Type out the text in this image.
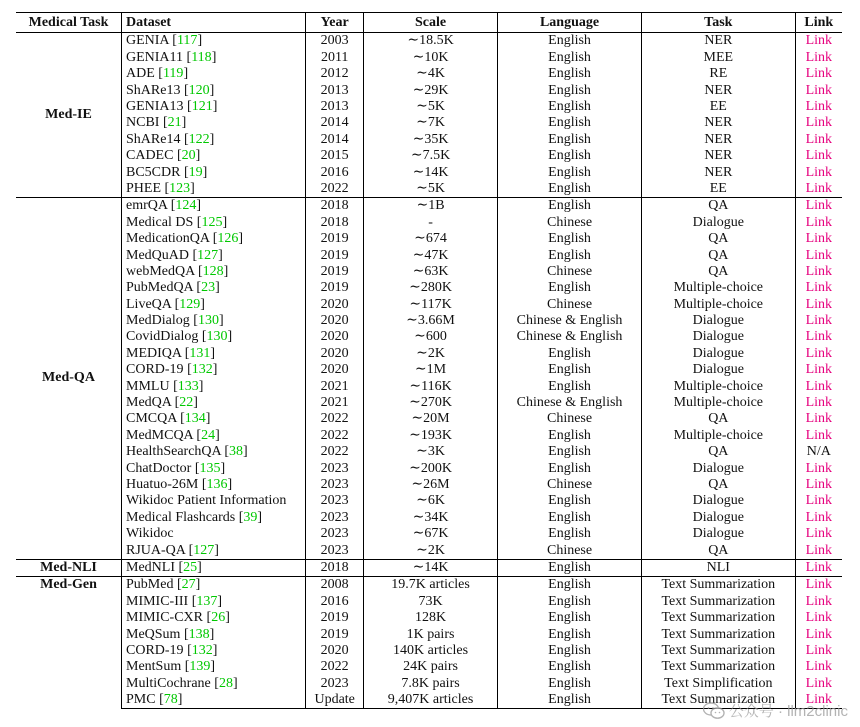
Medical Task	Dataset	Year	Scale	Language	Task	Link
Med-IE	GENIA [117]	2003	∼18.5K	English	NER	Link
	GENIA11 [118]	2011	∼10K	English	MEE	Link
	ADE [119]	2012	∼4K	English	RE	Link
	ShARe13 [120]	2013	∼29K	English	NER	Link
	GENIA13 [121]	2013	∼5K	English	EE	Link
	NCBI [21]	2014	∼7K	English	NER	Link
	ShARe14 [122]	2014	∼35K	English	NER	Link
	CADEC [20]	2015	∼7.5K	English	NER	Link
	BC5CDR [19]	2016	∼14K	English	NER	Link
	PHEE [123]	2022	∼5K	English	EE	Link
Med-QA	emrQA [124]	2018	∼1B	English	QA	Link
	Medical DS [125]	2018	-	Chinese	Dialogue	Link
	MedicationQA [126]	2019	∼674	English	QA	Link
	MedQuAD [127]	2019	∼47K	English	QA	Link
	webMedQA [128]	2019	∼63K	Chinese	QA	Link
	PubMedQA [23]	2019	∼280K	English	Multiple-choice	Link
	LiveQA [129]	2020	∼117K	Chinese	Multiple-choice	Link
	MedDialog [130]	2020	∼3.66M	Chinese & English	Dialogue	Link
	CovidDialog [130]	2020	∼600	Chinese & English	Dialogue	Link
	MEDIQA [131]	2020	∼2K	English	Dialogue	Link
	CORD-19 [132]	2020	∼1M	English	Dialogue	Link
	MMLU [133]	2021	∼116K	English	Multiple-choice	Link
	MedQA [22]	2021	∼270K	Chinese & English	Multiple-choice	Link
	CMCQA [134]	2022	∼20M	Chinese	QA	Link
	MedMCQA [24]	2022	∼193K	English	Multiple-choice	Link
	HealthSearchQA [38]	2022	∼3K	English	QA	N/A
	ChatDoctor [135]	2023	∼200K	English	Dialogue	Link
	Huatuo-26M [136]	2023	∼26M	Chinese	QA	Link
	Wikidoc Patient Information	2023	∼6K	English	Dialogue	Link
	Medical Flashcards [39]	2023	∼34K	English	Dialogue	Link
	Wikidoc	2023	∼67K	English	Dialogue	Link
	RJUA-QA [127]	2023	∼2K	Chinese	QA	Link
Med-NLI	MedNLI [25]	2018	∼14K	English	NLI	Link
Med-Gen	PubMed [27]	2008	19.7K articles	English	Text Summarization	Link
	MIMIC-III [137]	2016	73K	English	Text Summarization	Link
	MIMIC-CXR [26]	2019	128K	English	Text Summarization	Link
	MeQSum [138]	2019	1K pairs	English	Text Summarization	Link
	CORD-19 [132]	2020	140K articles	English	Text Summarization	Link
	MentSum [139]	2022	24K pairs	English	Text Summarization	Link
	MultiCochrane [28]	2023	7.8K pairs	English	Text Simplification	Link
	PMC [78]	Update	9,407K articles	English	Text Summarization	Link
公众号 · llm2clinic
